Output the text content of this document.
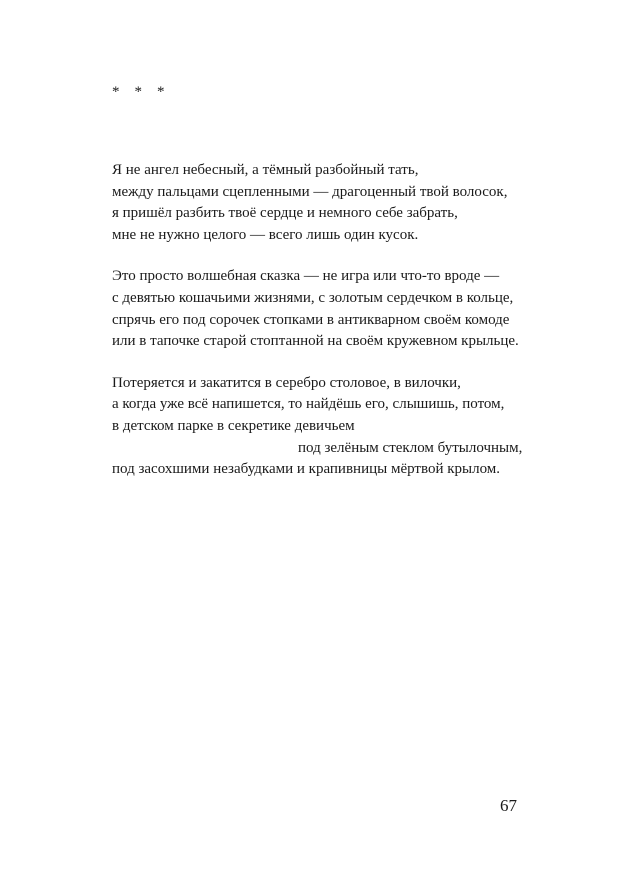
*    *    *
Я не ангел небесный, а тёмный разбойный тать,
между пальцами сцепленными — драгоценный твой волосок,
я пришёл разбить твоё сердце и немного себе забрать,
мне не нужно целого — всего лишь один кусок.
Это просто волшебная сказка — не игра или что-то вроде —
с девятью кошачьими жизнями, с золотым сердечком в кольце,
спрячь его под сорочек стопками в антикварном своём комоде
или в тапочке старой стоптанной на своём кружевном крыльце.
Потеряется и закатится в серебро столовое, в вилочки,
а когда уже всё напишется, то найдёшь его, слышишь, потом,
в детском парке в секретике девичьем
под зелёным стеклом бутылочным,
под засохшими незабудками и крапивницы мёртвой крылом.
67
